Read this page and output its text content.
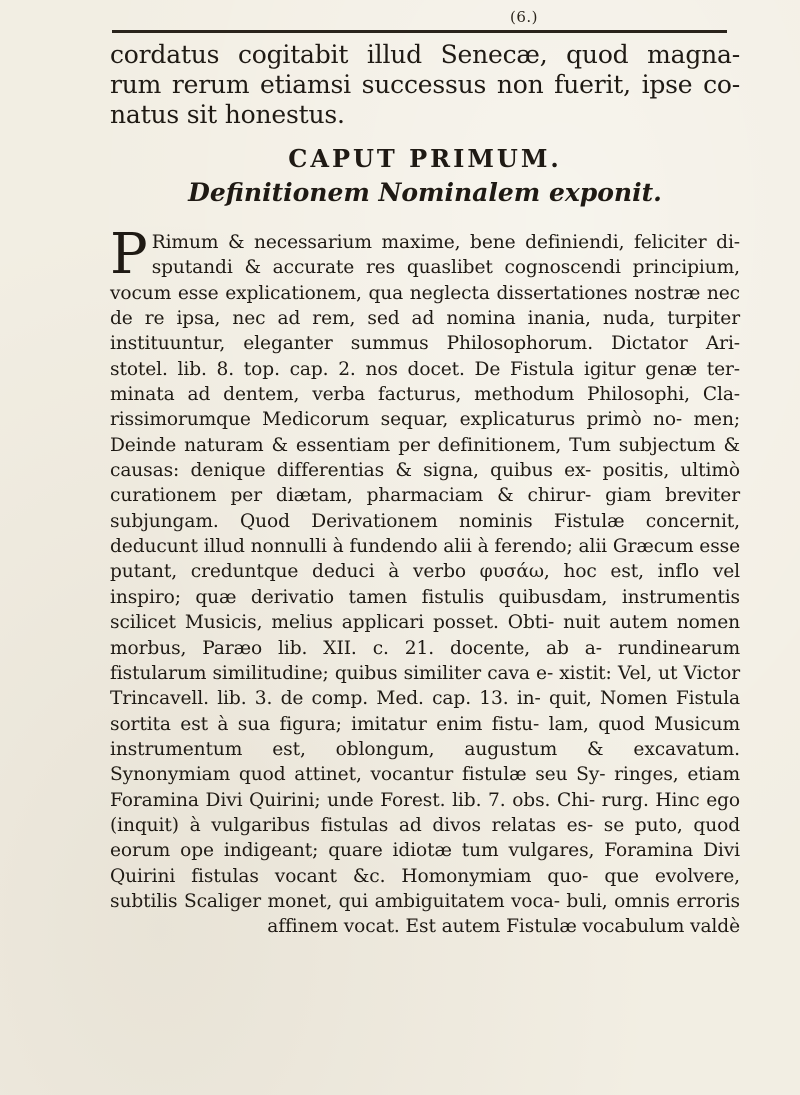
(6.)

cordatus cogitabit illud Senecæ, quod magna- rum rerum etiamsi successus non fuerit, ipse co- natus sit honestus.

CAPUT PRIMUM.
Definitionem Nominalem exponit.
P Rimum & necessarium maxime, bene definiendi, feliciter di- sputandi & accurate res quaslibet cognoscendi principium, vocum esse explicationem, qua neglecta dissertationes nostræ nec de re ipsa, nec ad rem, sed ad nomina inania, nuda, turpiter instituuntur, eleganter summus Philosophorum. Dictator Ari- stotel. lib. 8. top. cap. 2. nos docet. De Fistula igitur genæ ter- minata ad dentem, verba facturus, methodum Philosophi, Cla- rissimorumque Medicorum sequar, explicaturus primò no- men; Deinde naturam & essentiam per definitionem, Tum subjectum & causas: denique differentias & signa, quibus ex- positis, ultimò curationem per diætam, pharmaciam & chirur- giam breviter subjungam. Quod Derivationem nominis Fistulæ concernit, deducunt illud nonnulli à fundendo alii à ferendo; alii Græcum esse putant, creduntque deduci à verbo φυσάω, hoc est, inflo vel inspiro; quæ derivatio tamen fistulis quibusdam, instrumentis scilicet Musicis, melius applicari posset. Obti- nuit autem nomen morbus, Paræo lib. XII. c. 21. docente, ab a- rundinearum fistularum similitudine; quibus similiter cava e- xistit: Vel, ut Victor Trincavell. lib. 3. de comp. Med. cap. 13. in- quit, Nomen Fistula sortita est à sua figura; imitatur enim fistu- lam, quod Musicum instrumentum est, oblongum, augustum & excavatum. Synonymiam quod attinet, vocantur fistulæ seu Sy- ringes, etiam Foramina Divi Quirini; unde Forest. lib. 7. obs. Chi- rurg. Hinc ego (inquit) à vulgaribus fistulas ad divos relatas es- se puto, quod eorum ope indigeant; quare idiotæ tum vulgares, Foramina Divi Quirini fistulas vocant &c. Homonymiam quo- que evolvere, subtilis Scaliger monet, qui ambiguitatem voca- buli, omnis erroris affinem vocat. Est autem Fistulæ vocabulum valdè
